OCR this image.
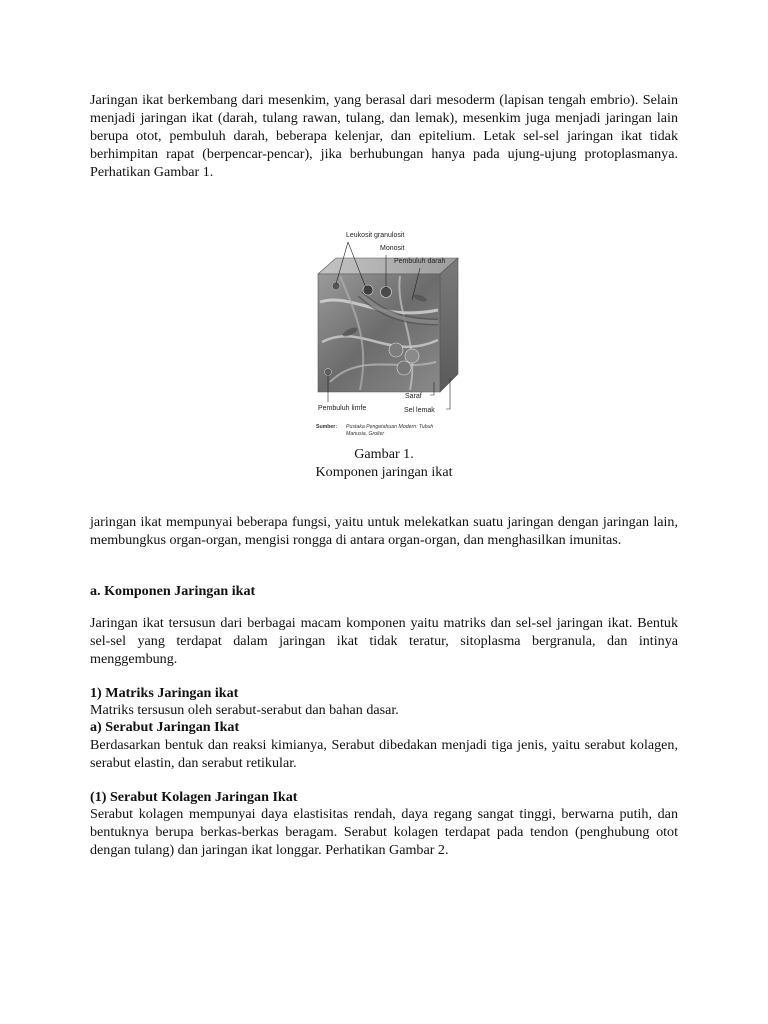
Jaringan ikat berkembang dari mesenkim, yang berasal dari mesoderm (lapisan tengah embrio). Selain menjadi jaringan ikat (darah, tulang rawan, tulang, dan lemak), mesenkim juga menjadi jaringan lain berupa otot, pembuluh darah, beberapa kelenjar, dan epitelium. Letak sel-sel jaringan ikat tidak berhimpitan rapat (berpencar-pencar), jika berhubungan hanya pada ujung-ujung protoplasmanya. Perhatikan Gambar 1.

Leukosit granulosit
Monosit
Pembuluh darah
Pembuluh limfe
Saraf
Sel lemak
Sumber: Pustaka Pengetahuan Modern: Tubuh
Manusia, Grolier

Gambar 1.

Komponen jaringan ikat

jaringan ikat mempunyai beberapa fungsi, yaitu untuk melekatkan suatu jaringan dengan jaringan lain, membungkus organ-organ, mengisi rongga di antara organ-organ, dan menghasilkan imunitas.

a. Komponen Jaringan ikat

Jaringan ikat tersusun dari berbagai macam komponen yaitu matriks dan sel-sel jaringan ikat. Bentuk sel-sel yang terdapat dalam jaringan ikat tidak teratur, sitoplasma bergranula, dan intinya menggembung.

1) Matriks Jaringan ikat

Matriks tersusun oleh serabut-serabut dan bahan dasar.

a) Serabut Jaringan Ikat

Berdasarkan bentuk dan reaksi kimianya, Serabut dibedakan menjadi tiga jenis, yaitu serabut kolagen, serabut elastin, dan serabut retikular.

(1) Serabut Kolagen Jaringan Ikat

Serabut kolagen mempunyai daya elastisitas rendah, daya regang sangat tinggi, berwarna putih, dan bentuknya berupa berkas-berkas beragam. Serabut kolagen terdapat pada tendon (penghubung otot dengan tulang) dan jaringan ikat longgar. Perhatikan Gambar 2.
